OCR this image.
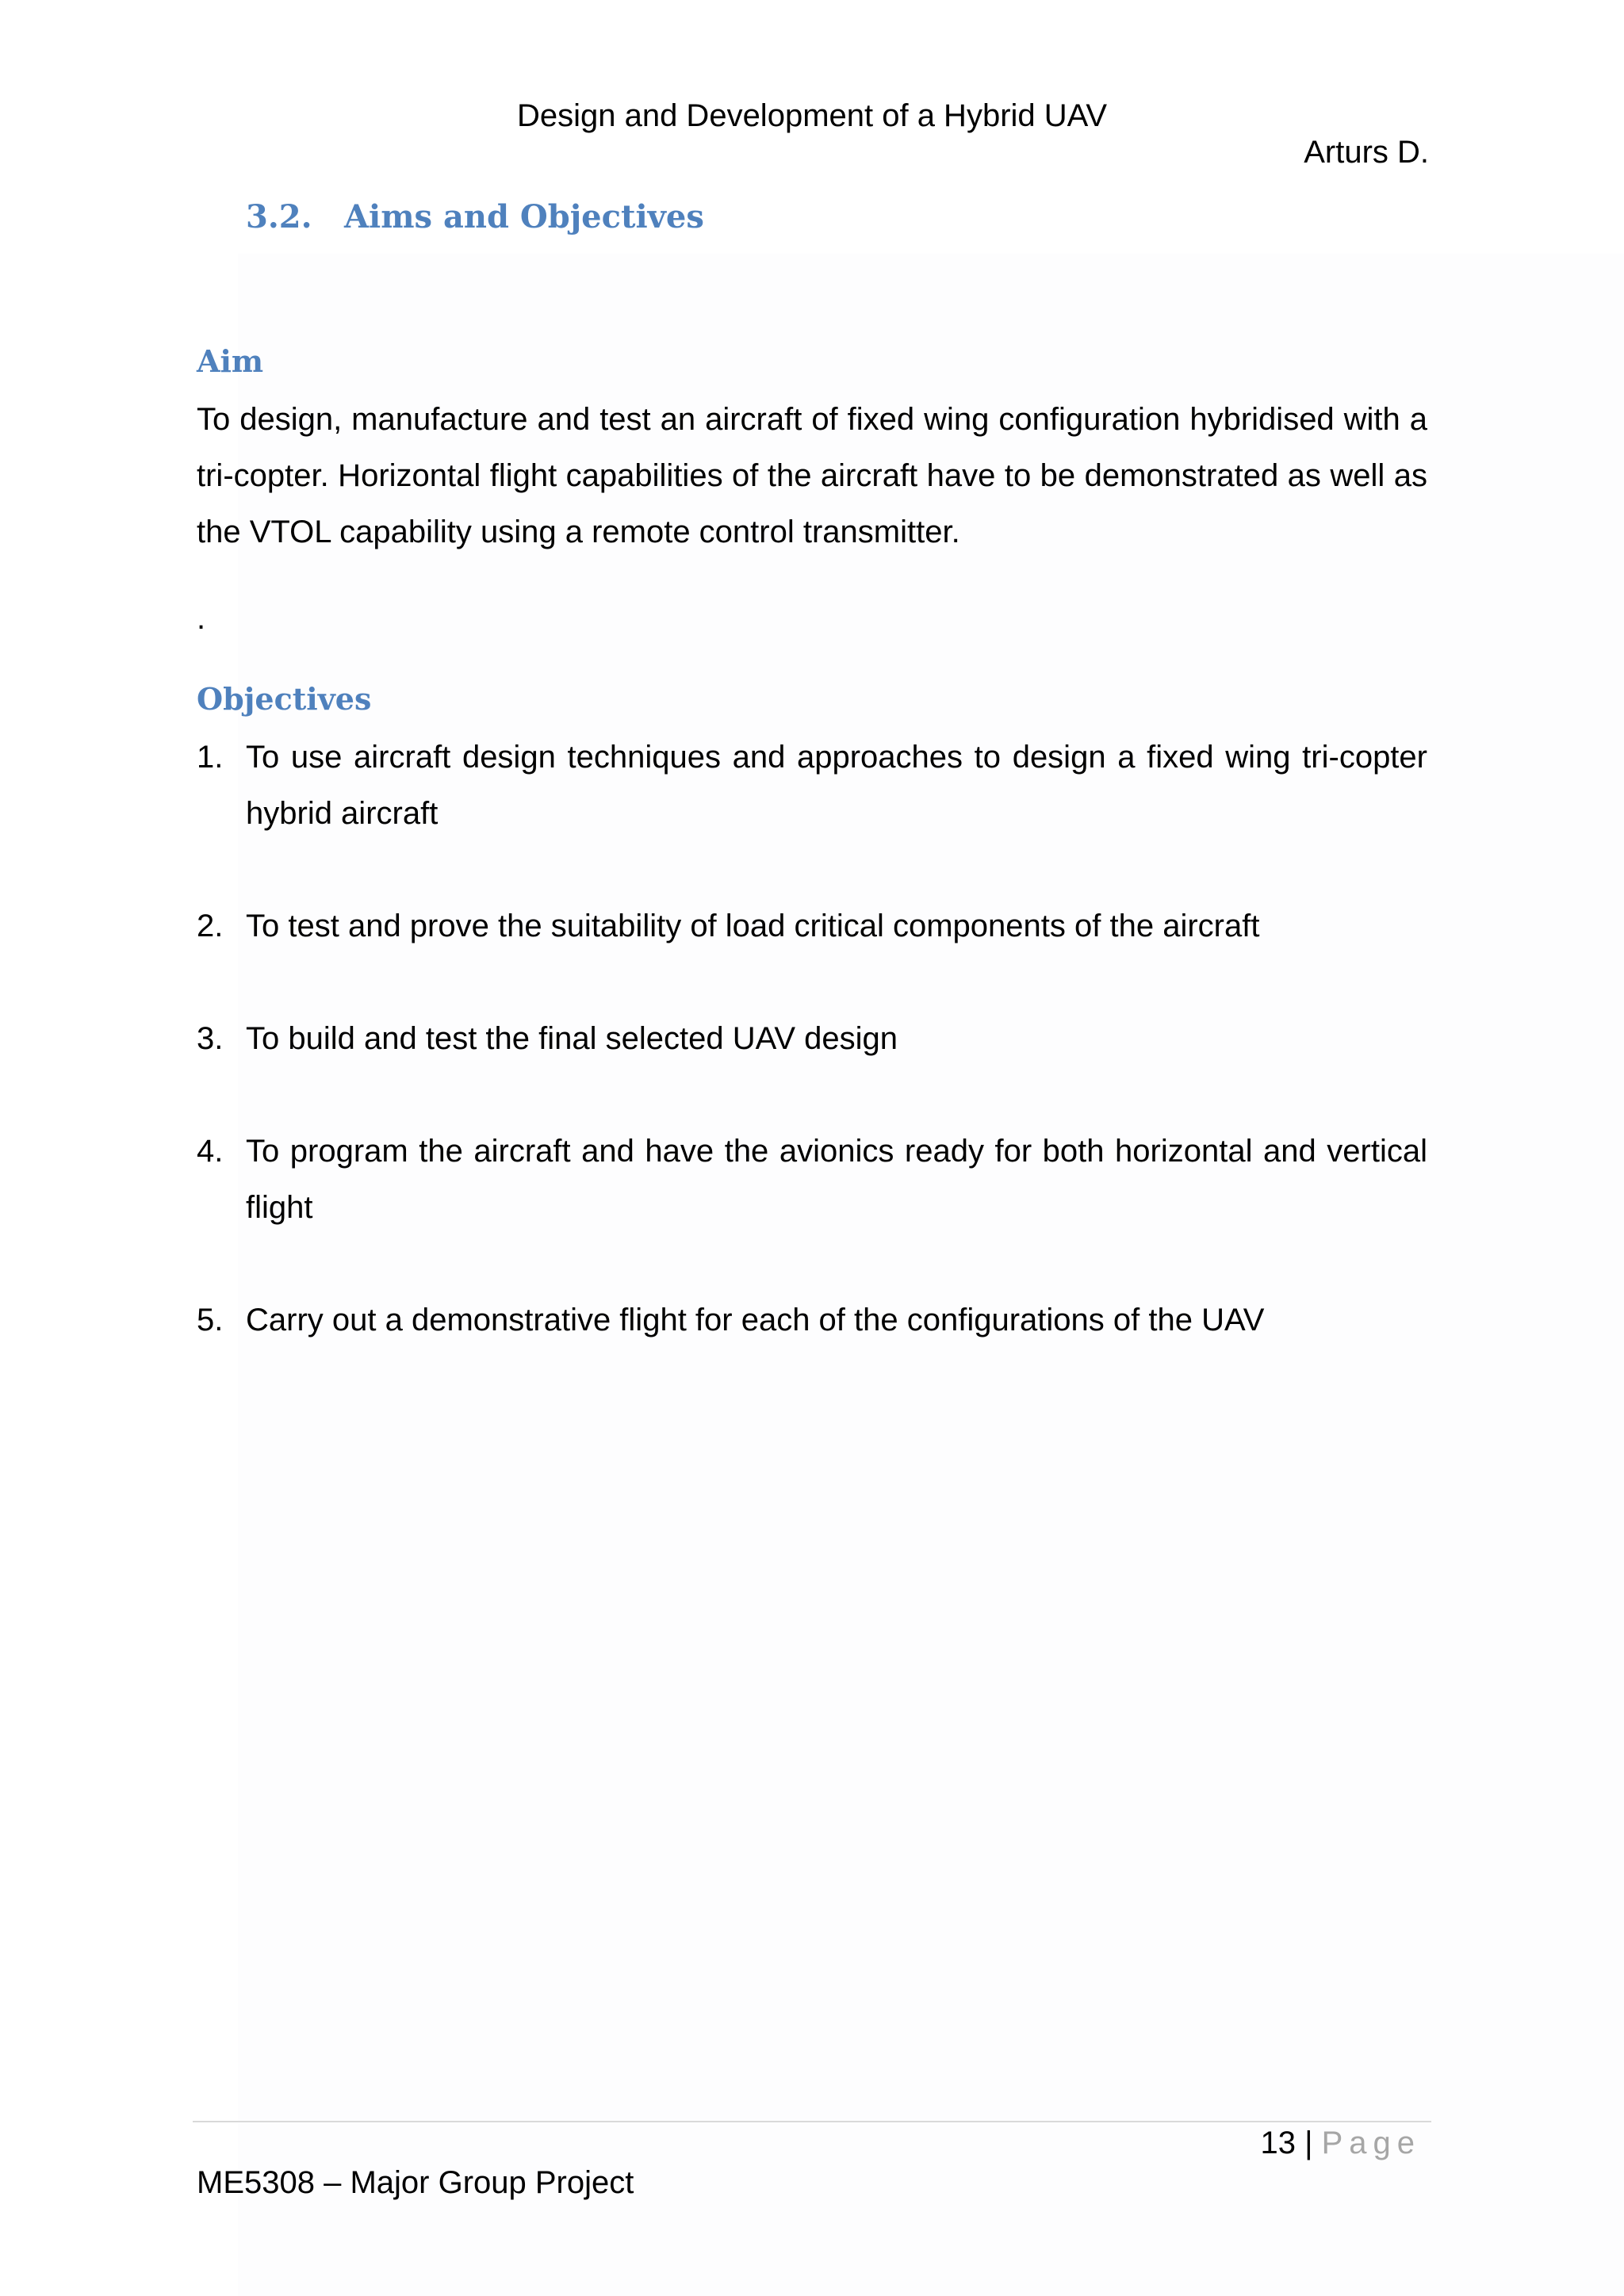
Design and Development of a Hybrid UAV
Arturs D.
3.2. Aims and Objectives
Aim
To design, manufacture and test an aircraft of fixed wing configuration hybridised with a tri-copter. Horizontal flight capabilities of the aircraft have to be demonstrated as well as the VTOL capability using a remote control transmitter.
.
Objectives
1. To use aircraft design techniques and approaches to design a fixed wing tri-copter hybrid aircraft
2. To test and prove the suitability of load critical components of the aircraft
3. To build and test the final selected UAV design
4. To program the aircraft and have the avionics ready for both horizontal and vertical flight
5. Carry out a demonstrative flight for each of the configurations of the UAV
13 | Page
ME5308 – Major Group Project
